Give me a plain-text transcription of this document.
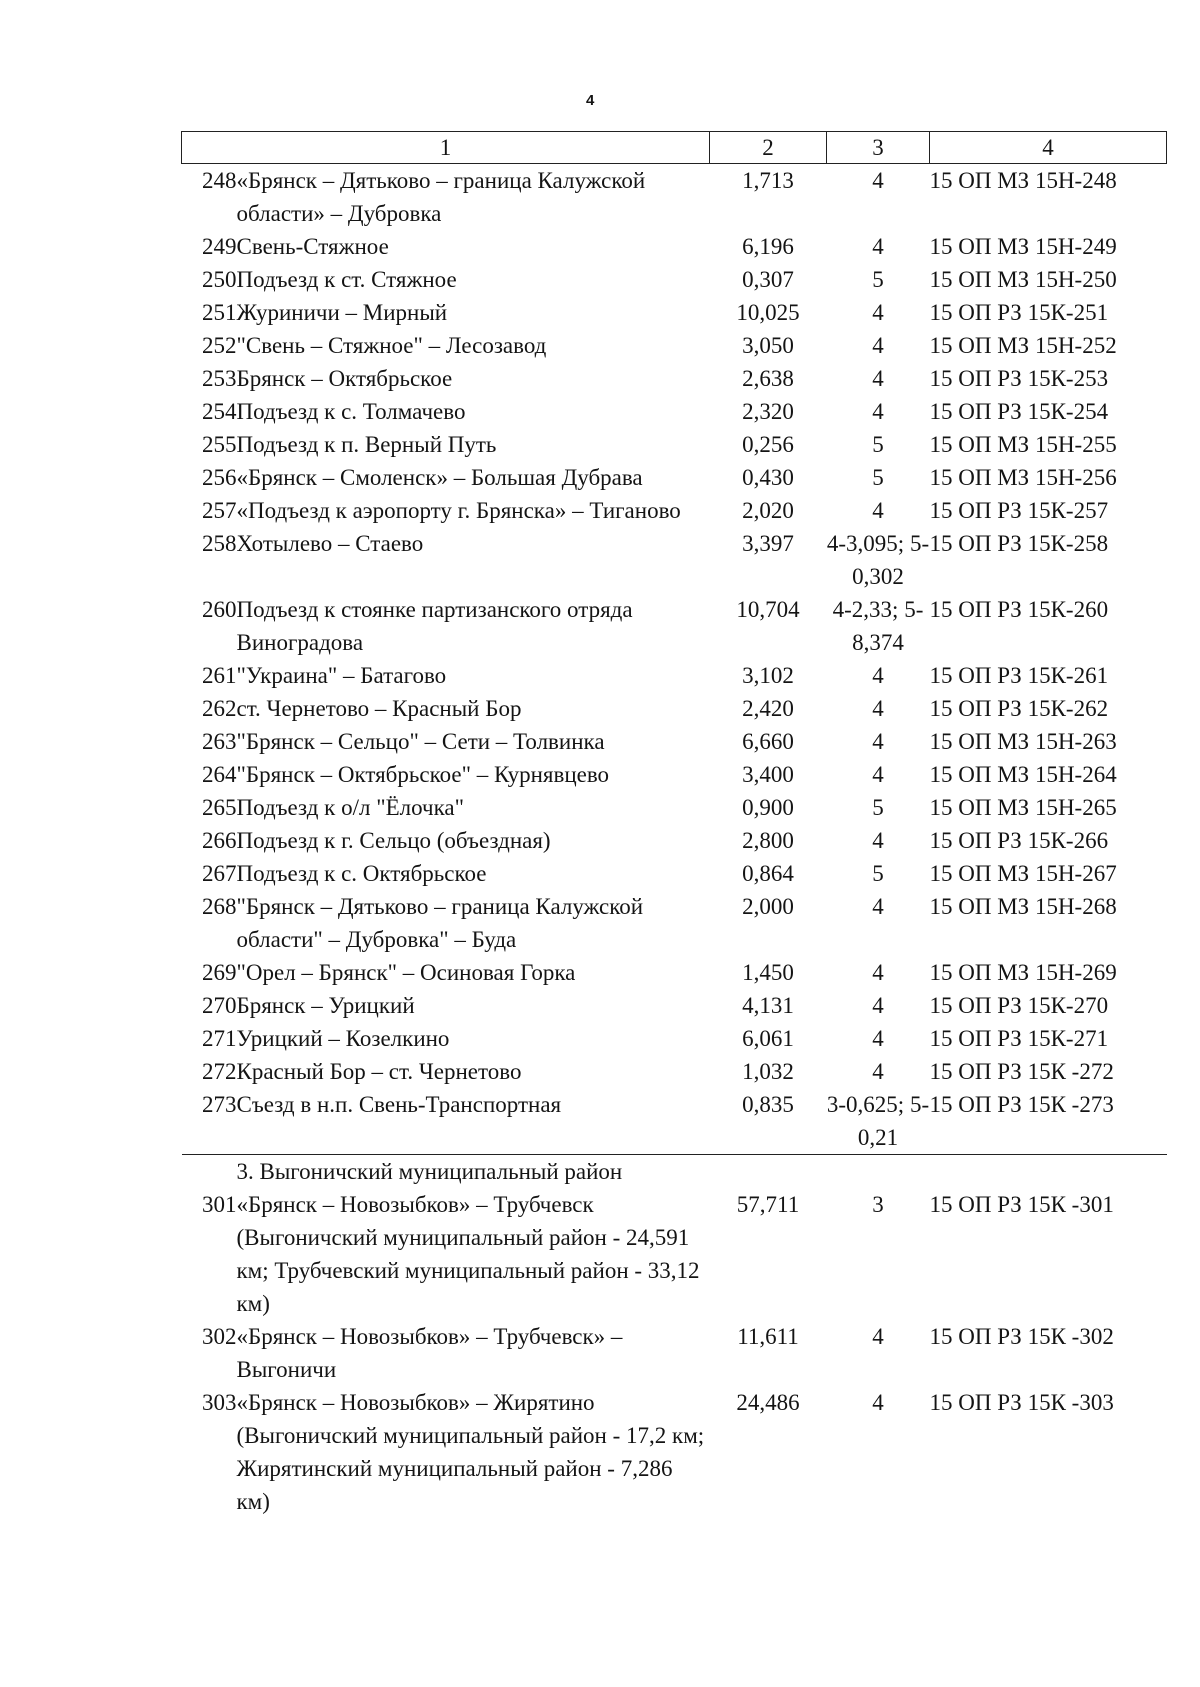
4
1		2	3	4
248	«Брянск – Дятьково – граница Калужской области» – Дубровка	1,713	4	15 ОП МЗ 15Н-248
249	Свень-Стяжное	6,196	4	15 ОП МЗ 15Н-249
250	Подъезд к ст. Стяжное	0,307	5	15 ОП МЗ 15Н-250
251	Журиничи – Мирный	10,025	4	15 ОП РЗ 15К-251
252	"Свень – Стяжное" – Лесозавод	3,050	4	15 ОП МЗ 15Н-252
253	Брянск – Октябрьское	2,638	4	15 ОП РЗ 15К-253
254	Подъезд к с. Толмачево	2,320	4	15 ОП РЗ 15К-254
255	Подъезд к п. Верный Путь	0,256	5	15 ОП МЗ 15Н-255
256	«Брянск – Смоленск» – Большая Дубрава	0,430	5	15 ОП МЗ 15Н-256
257	«Подъезд к аэропорту г. Брянска» – Тиганово	2,020	4	15 ОП РЗ 15К-257
258	Хотылево – Стаево	3,397	4-3,095; 5-0,302	15 ОП РЗ 15К-258
260	Подъезд к стоянке партизанского отряда Виноградова	10,704	4-2,33; 5-8,374	15 ОП РЗ 15К-260
261	"Украина" – Батагово	3,102	4	15 ОП РЗ 15К-261
262	ст. Чернетово – Красный Бор	2,420	4	15 ОП РЗ 15К-262
263	"Брянск – Сельцо" – Сети – Толвинка	6,660	4	15 ОП МЗ 15Н-263
264	"Брянск – Октябрьское" – Курнявцево	3,400	4	15 ОП МЗ 15Н-264
265	Подъезд к о/л "Ёлочка"	0,900	5	15 ОП МЗ 15Н-265
266	Подъезд к г. Сельцо (объездная)	2,800	4	15 ОП РЗ 15К-266
267	Подъезд к с. Октябрьское	0,864	5	15 ОП МЗ 15Н-267
268	"Брянск – Дятьково – граница Калужской области" – Дубровка" – Буда	2,000	4	15 ОП МЗ 15Н-268
269	"Орел – Брянск" – Осиновая Горка	1,450	4	15 ОП МЗ 15Н-269
270	Брянск – Урицкий	4,131	4	15 ОП РЗ 15К-270
271	Урицкий – Козелкино	6,061	4	15 ОП РЗ 15К-271
272	Красный Бор – ст. Чернетово	1,032	4	15 ОП РЗ 15К -272
273	Съезд в н.п. Свень-Транспортная	0,835	3-0,625; 5-0,21	15 ОП РЗ 15К -273
	3. Выгоничский муниципальный район			
301	«Брянск – Новозыбков» – Трубчевск (Выгоничский муниципальный район - 24,591 км; Трубчевский муниципальный район - 33,12 км)	57,711	3	15 ОП РЗ 15К -301
302	«Брянск – Новозыбков» – Трубчевск» – Выгоничи	11,611	4	15 ОП РЗ 15К -302
303	«Брянск – Новозыбков» – Жирятино (Выгоничский муниципальный район - 17,2 км; Жирятинский муниципальный район - 7,286 км)	24,486	4	15 ОП РЗ 15К -303
